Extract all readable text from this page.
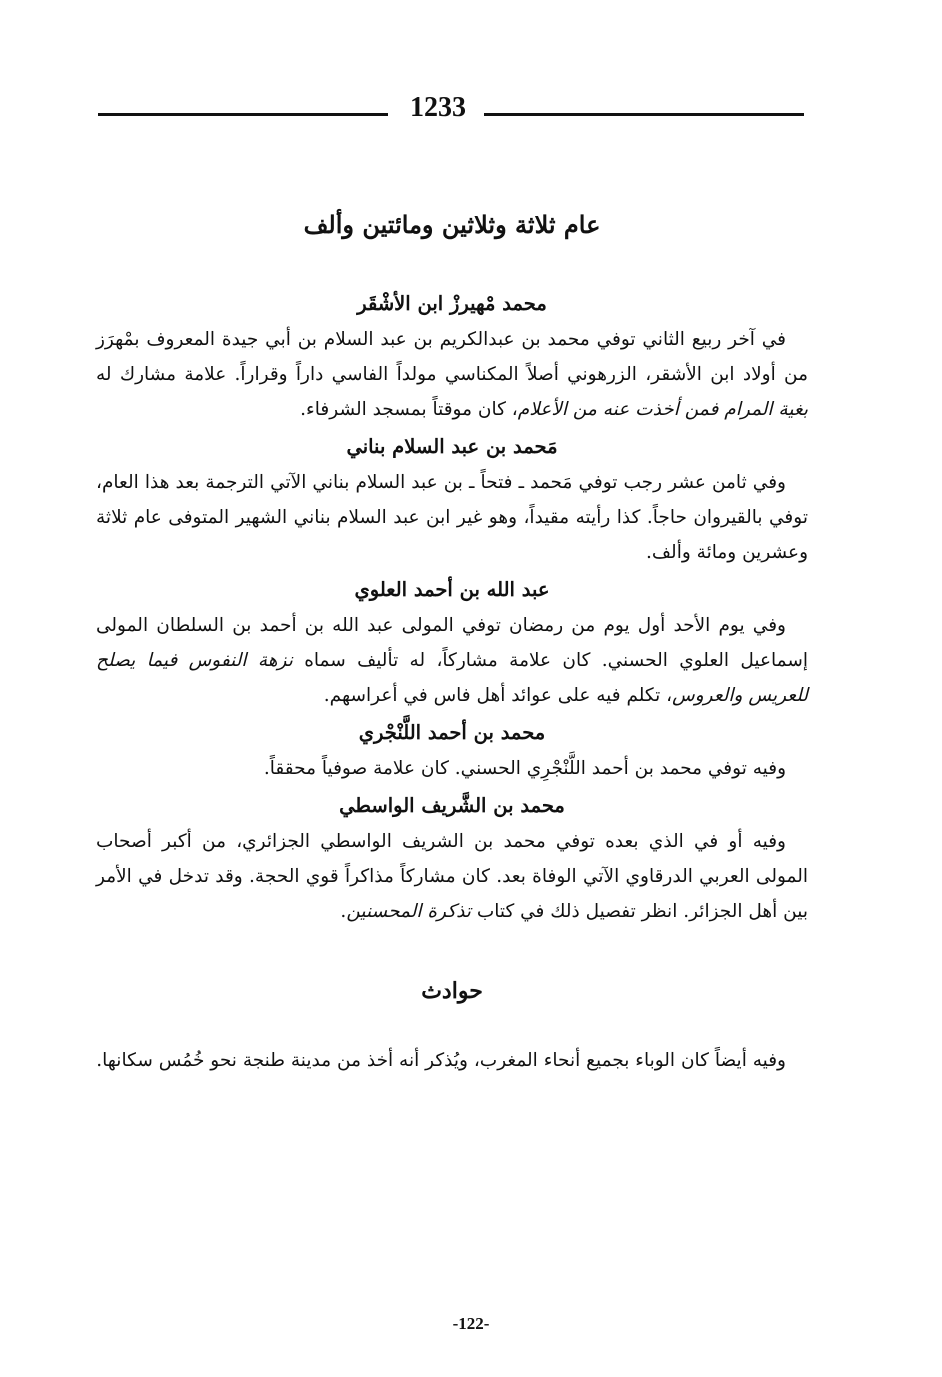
1233
عام ثلاثة وثلاثين ومائتين وألف
محمد مْهيرزْ ابن الأشْقَر

في آخر ربيع الثاني توفي محمد بن عبدالكريم بن عبد السلام بن أبي جيدة المعروف بمْهرَز من أولاد ابن الأشقر، الزرهوني أصلاً المكناسي مولداً الفاسي داراً وقراراً. علامة مشارك له بغية المرام فمن أخذت عنه من الأعلام، كان موقتاً بمسجد الشرفاء.

مَحمد بن عبد السلام بناني

وفي ثامن عشر رجب توفي مَحمد ـ فتحاً ـ بن عبد السلام بناني الآتي الترجمة بعد هذا العام، توفي بالقيروان حاجاً. كذا رأيته مقيداً، وهو غير ابن عبد السلام بناني الشهير المتوفى عام ثلاثة وعشرين ومائة وألف.

عبد الله بن أحمد العلوي

وفي يوم الأحد أول يوم من رمضان توفي المولى عبد الله بن أحمد بن السلطان المولى إسماعيل العلوي الحسني. كان علامة مشاركاً، له تأليف سماه نزهة النفوس فيما يصلح للعريس والعروس، تكلم فيه على عوائد أهل فاس في أعراسهم.

محمد بن أحمد اللَّنْجْري

وفيه توفي محمد بن أحمد اللَّنْجْرِي الحسني. كان علامة صوفياً محققاً.

محمد بن الشَّريف الواسطي

وفيه أو في الذي بعده توفي محمد بن الشريف الواسطي الجزائري، من أكبر أصحاب المولى العربي الدرقاوي الآتي الوفاة بعد. كان مشاركاً مذاكراً قوي الحجة. وقد تدخل في الأمر بين أهل الجزائر. انظر تفصيل ذلك في كتاب تذكرة المحسنين.

حوادث

وفيه أيضاً كان الوباء بجميع أنحاء المغرب، ويُذكر أنه أخذ من مدينة طنجة نحو خُمُس سكانها.

-122-
